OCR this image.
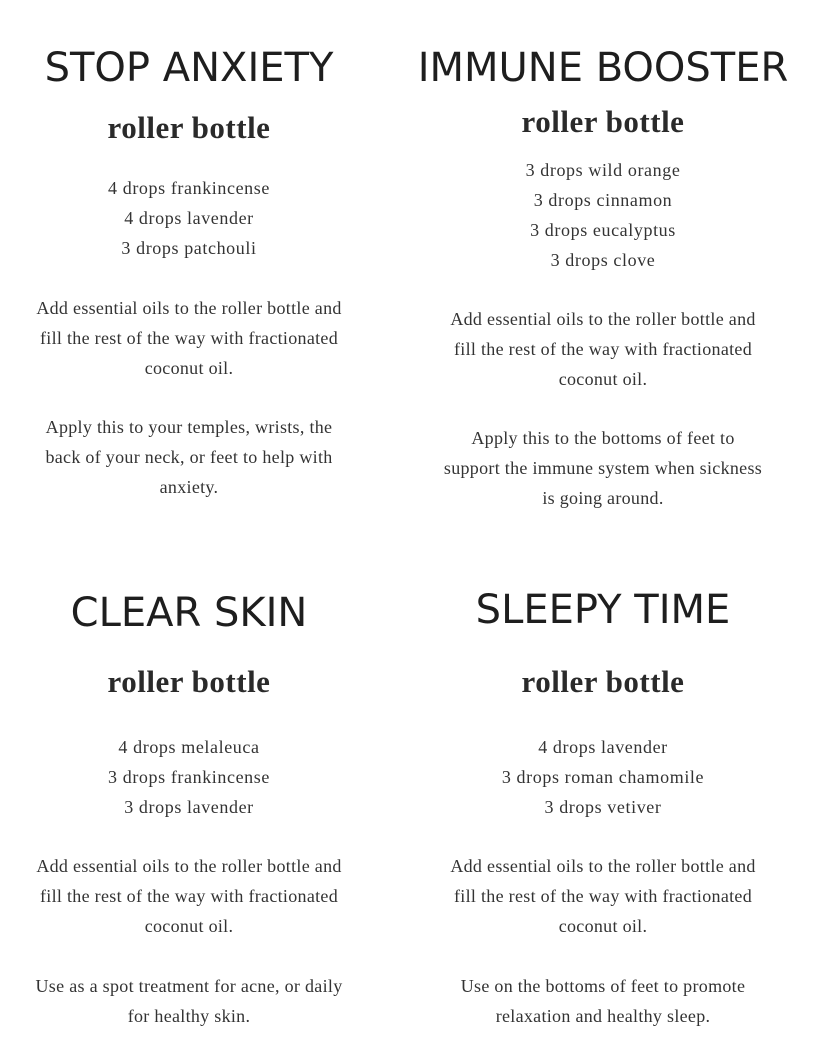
STOP ANXIETY
roller bottle
4 drops frankincense
4 drops lavender
3 drops patchouli
Add essential oils to the roller bottle and
fill the rest of the way with fractionated
coconut oil.
Apply this to your temples, wrists, the
back of your neck, or feet to help with
anxiety.
IMMUNE BOOSTER
roller bottle
3 drops wild orange
3 drops cinnamon
3 drops eucalyptus
3 drops clove
Add essential oils to the roller bottle and
fill the rest of the way with fractionated
coconut oil.
Apply this to the bottoms of feet to
support the immune system when sickness
is going around.
CLEAR SKIN
roller bottle
4 drops melaleuca
3 drops frankincense
3 drops lavender
Add essential oils to the roller bottle and
fill the rest of the way with fractionated
coconut oil.
Use as a spot treatment for acne, or daily
for healthy skin.
SLEEPY TIME
roller bottle
4 drops lavender
3 drops roman chamomile
3 drops vetiver
Add essential oils to the roller bottle and
fill the rest of the way with fractionated
coconut oil.
Use on the bottoms of feet to promote
relaxation and healthy sleep.
